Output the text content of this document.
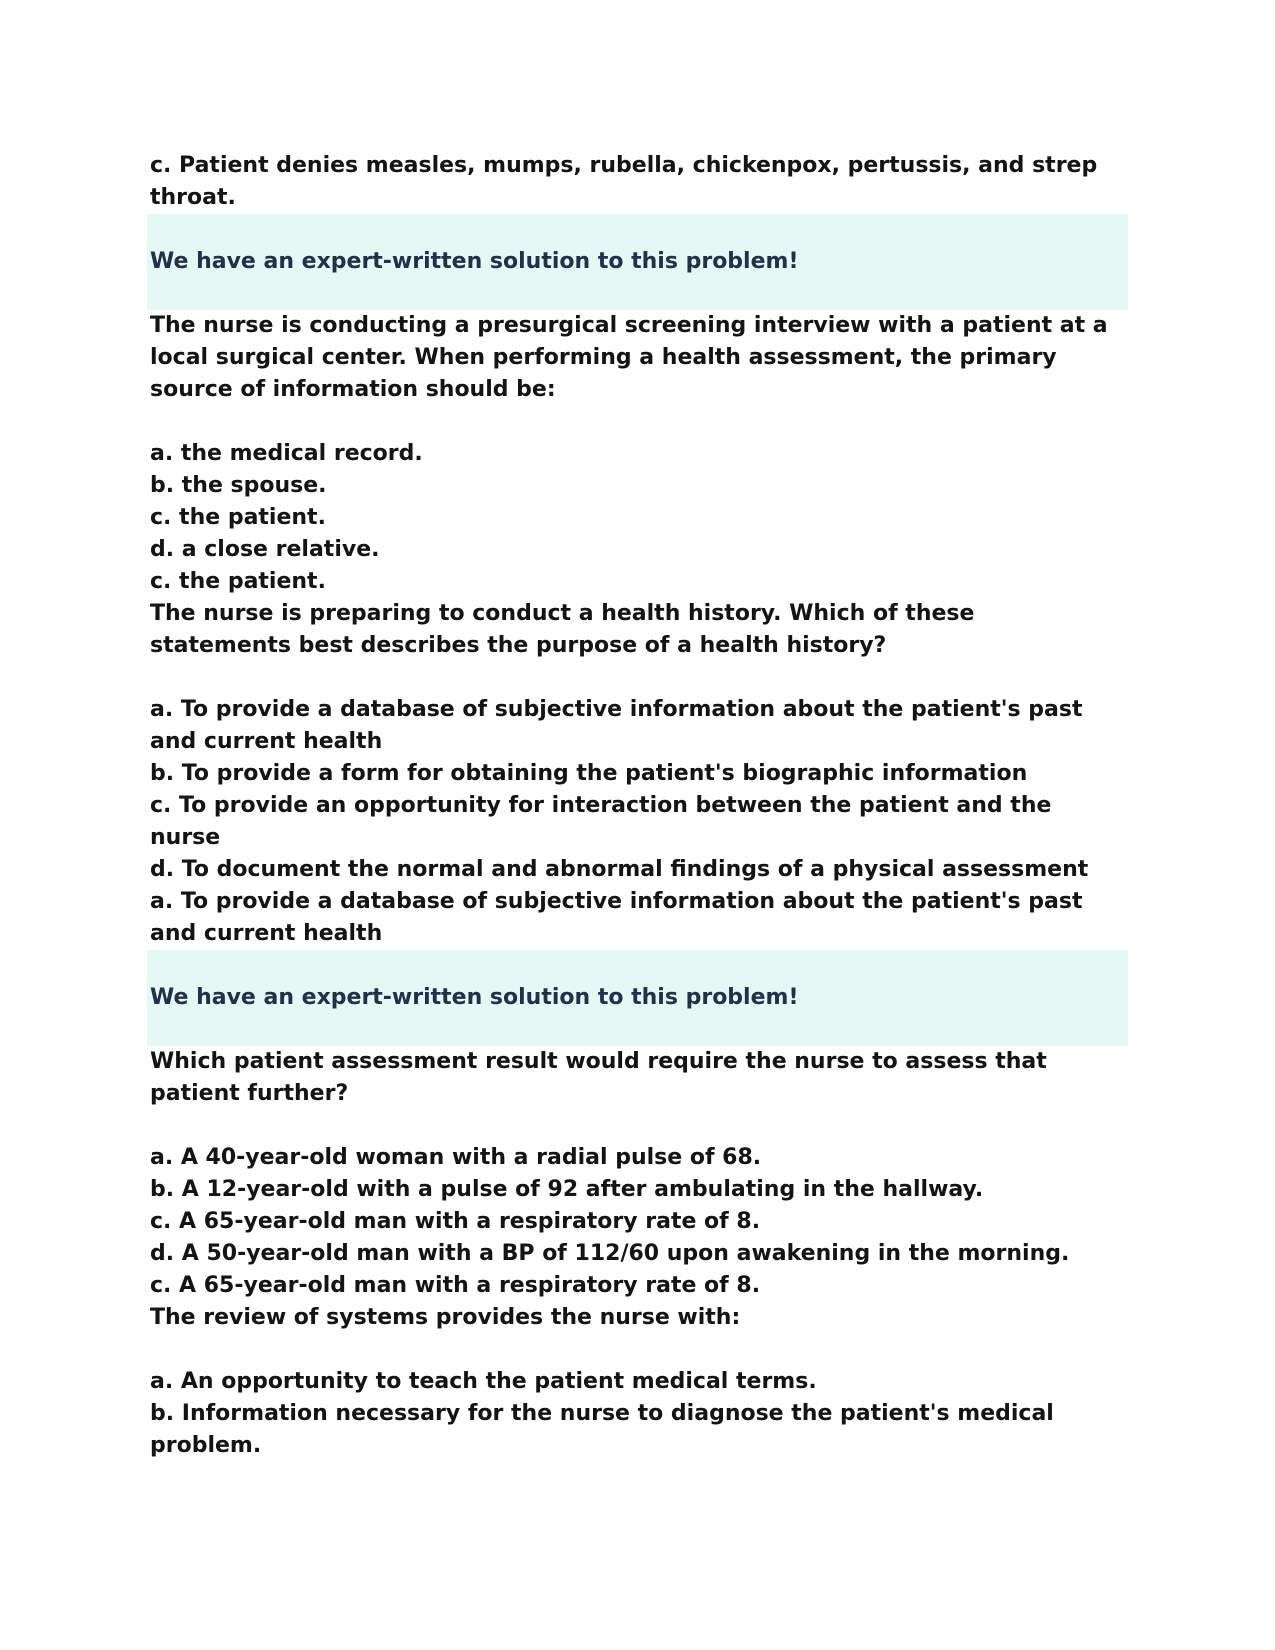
c. Patient denies measles, mumps, rubella, chickenpox, pertussis, and strep

throat.

We have an expert-written solution to this problem!

The nurse is conducting a presurgical screening interview with a patient at a

local surgical center. When performing a health assessment, the primary

source of information should be:

a. the medical record.

b. the spouse.

c. the patient.

d. a close relative.

c. the patient.

The nurse is preparing to conduct a health history. Which of these

statements best describes the purpose of a health history?

a. To provide a database of subjective information about the patient's past

and current health

b. To provide a form for obtaining the patient's biographic information

c. To provide an opportunity for interaction between the patient and the

nurse

d. To document the normal and abnormal findings of a physical assessment

a. To provide a database of subjective information about the patient's past

and current health

We have an expert-written solution to this problem!

Which patient assessment result would require the nurse to assess that

patient further?

a. A 40-year-old woman with a radial pulse of 68.

b. A 12-year-old with a pulse of 92 after ambulating in the hallway.

c. A 65-year-old man with a respiratory rate of 8.

d. A 50-year-old man with a BP of 112/60 upon awakening in the morning.

c. A 65-year-old man with a respiratory rate of 8.

The review of systems provides the nurse with:

a. An opportunity to teach the patient medical terms.

b. Information necessary for the nurse to diagnose the patient's medical

problem.
